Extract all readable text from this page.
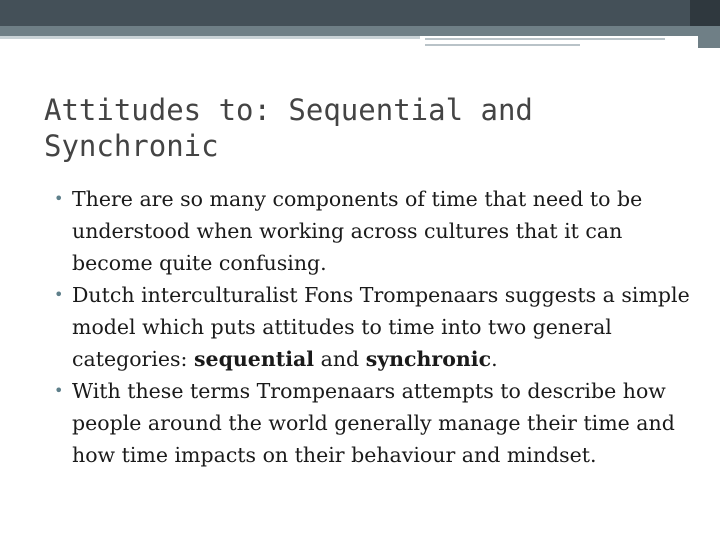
Attitudes to: Sequential and Synchronic
• There are so many components of time that need to be understood when working across cultures that it can become quite confusing.
• Dutch interculturalist Fons Trompenaars suggests a simple model which puts attitudes to time into two general categories: sequential and synchronic.
• With these terms Trompenaars attempts to describe how people around the world generally manage their time and how time impacts on their behaviour and mindset.
